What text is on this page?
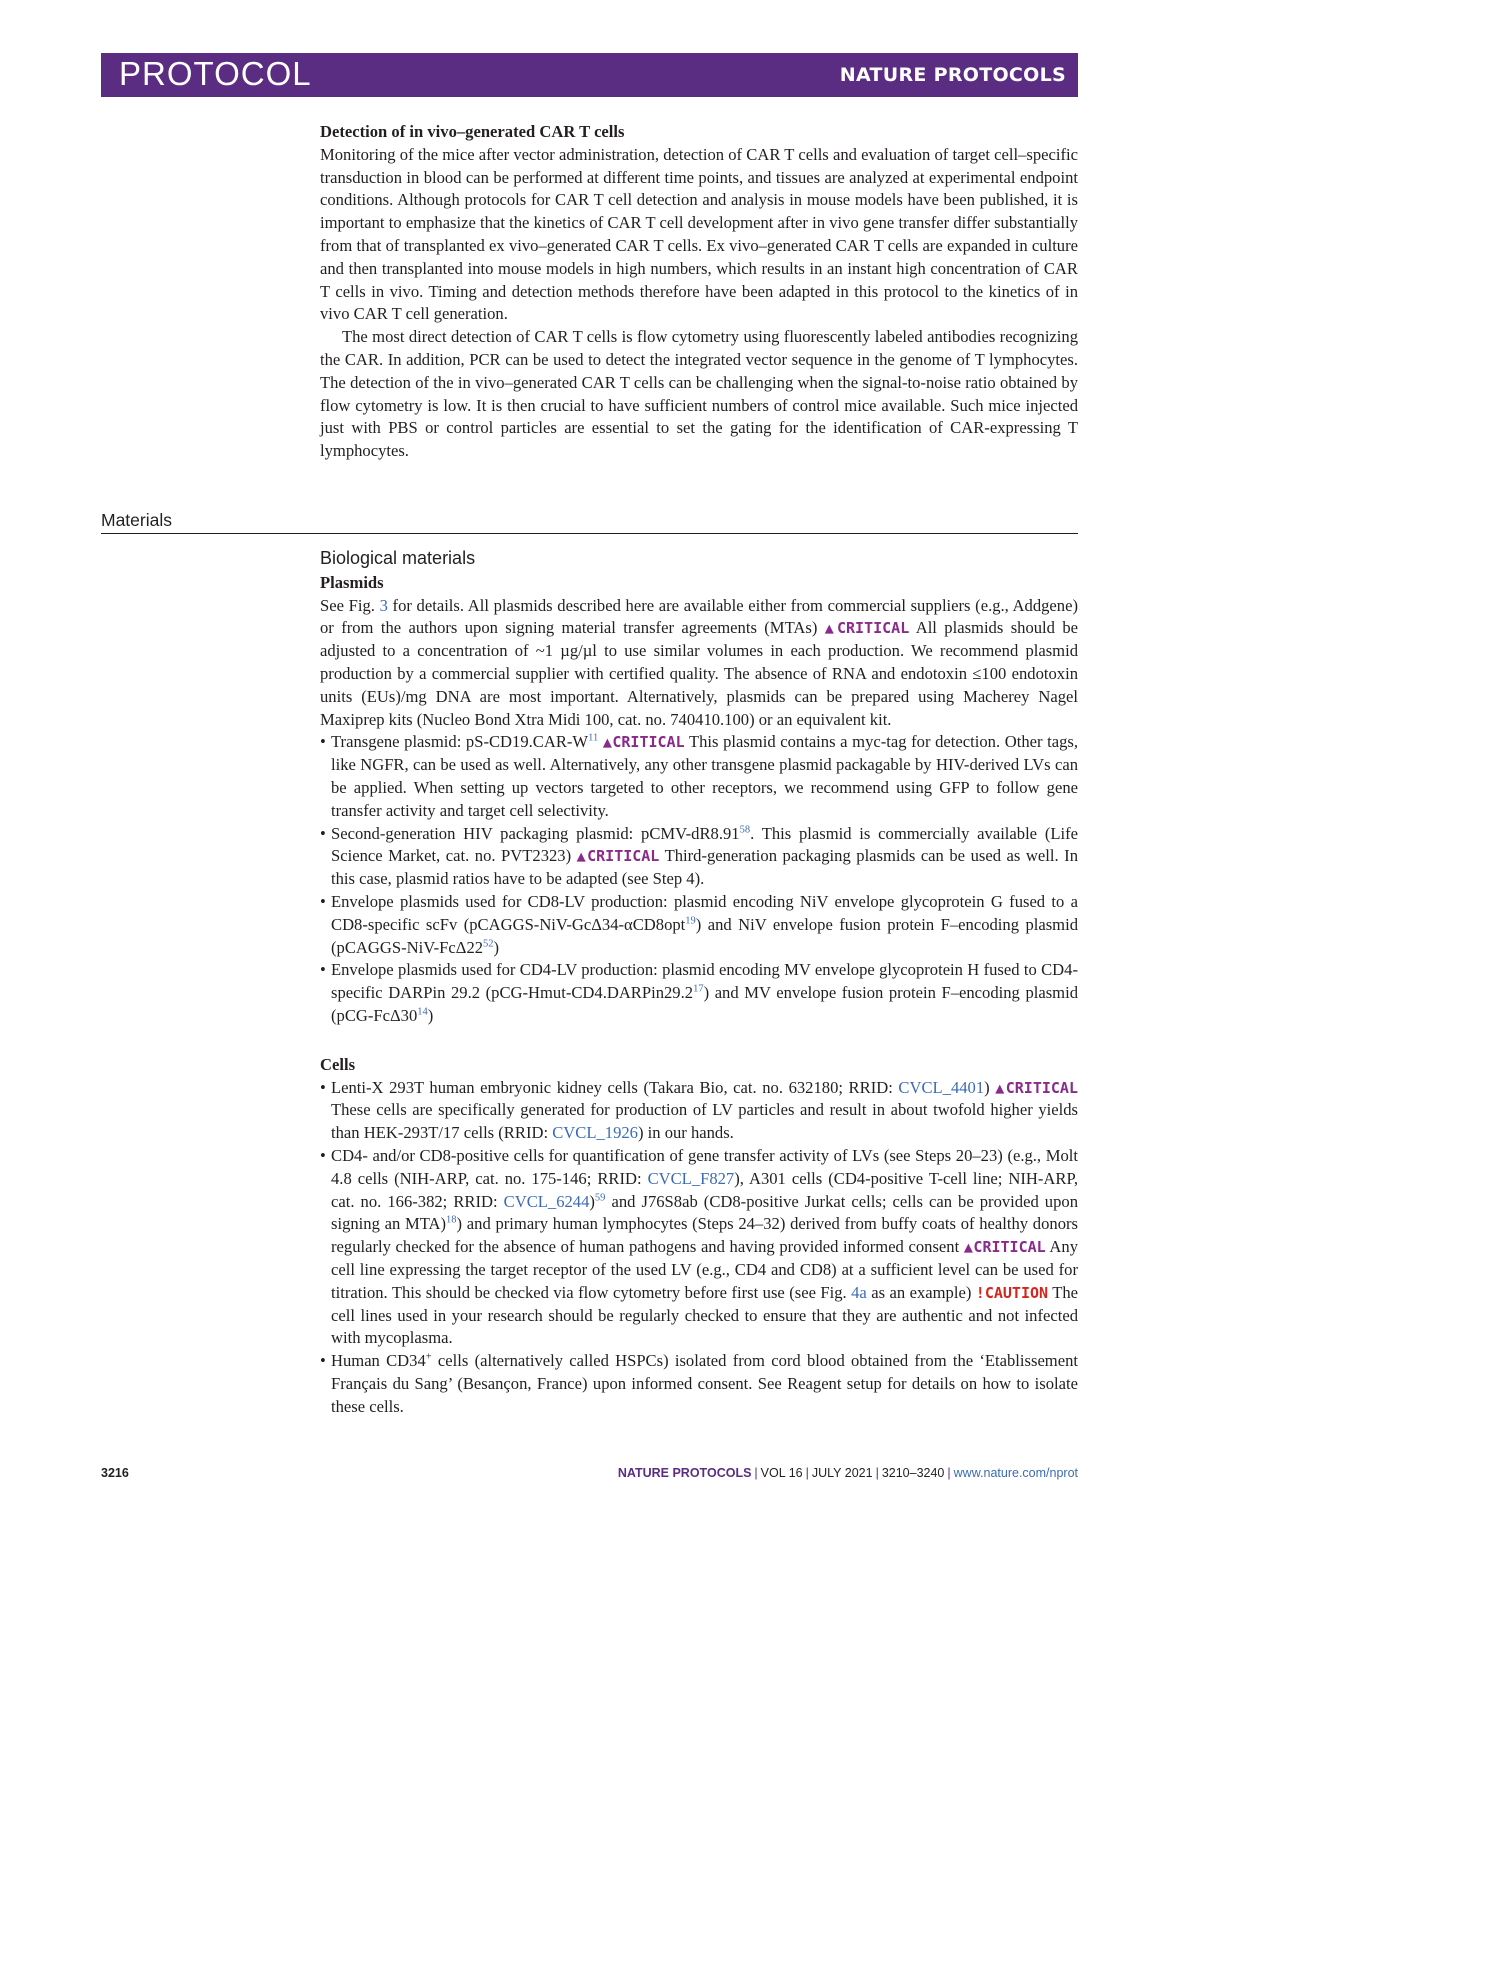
PROTOCOL	NATURE PROTOCOLS

Detection of in vivo–generated CAR T cells

Monitoring of the mice after vector administration, detection of CAR T cells and evaluation of target cell–specific transduction in blood can be performed at different time points, and tissues are analyzed at experimental endpoint conditions. Although protocols for CAR T cell detection and analysis in mouse models have been published, it is important to emphasize that the kinetics of CAR T cell development after in vivo gene transfer differ substantially from that of transplanted ex vivo–generated CAR T cells. Ex vivo–generated CAR T cells are expanded in culture and then transplanted into mouse models in high numbers, which results in an instant high concentration of CAR T cells in vivo. Timing and detection methods therefore have been adapted in this protocol to the kinetics of in vivo CAR T cell generation.

The most direct detection of CAR T cells is flow cytometry using fluorescently labeled antibodies recognizing the CAR. In addition, PCR can be used to detect the integrated vector sequence in the genome of T lymphocytes. The detection of the in vivo–generated CAR T cells can be challenging when the signal-to-noise ratio obtained by flow cytometry is low. It is then crucial to have sufficient numbers of control mice available. Such mice injected just with PBS or control particles are essential to set the gating for the identification of CAR-expressing T lymphocytes.

Materials

Biological materials

Plasmids

See Fig. 3 for details. All plasmids described here are available either from commercial suppliers (e.g., Addgene) or from the authors upon signing material transfer agreements (MTAs) ▲CRITICAL All plasmids should be adjusted to a concentration of ~1 µg/µl to use similar volumes in each production. We recommend plasmid production by a commercial supplier with certified quality. The absence of RNA and endotoxin ≤100 endotoxin units (EUs)/mg DNA are most important. Alternatively, plasmids can be prepared using Macherey Nagel Maxiprep kits (Nucleo Bond Xtra Midi 100, cat. no. 740410.100) or an equivalent kit.

• Transgene plasmid: $pS-CD19.CAR-W^{11}$ ▲CRITICAL This plasmid contains a myc-tag for detection. Other tags, like NGFR, can be used as well. Alternatively, any other transgene plasmid packagable by HIV-derived LVs can be applied. When setting up vectors targeted to other receptors, we recommend using GFP to follow gene transfer activity and target cell selectivity.
• Second-generation HIV packaging plasmid: pCMV-dR8.91$^{58}$. This plasmid is commercially available (Life Science Market, cat. no. PVT2323) ▲CRITICAL Third-generation packaging plasmids can be used as well. In this case, plasmid ratios have to be adapted (see Step 4).
• Envelope plasmids used for CD8-LV production: plasmid encoding NiV envelope glycoprotein G fused to a CD8-specific scFv (pCAGGS-NiV-GcΔ34-αCD8opt$^{19}$) and NiV envelope fusion protein F–encoding plasmid $(pCAGGS-NiV-Fc\Delta 22^{52})$
• Envelope plasmids used for CD4-LV production: plasmid encoding MV envelope glycoprotein H fused to CD4-specific DARPin 29.2 (pCG-Hmut-CD4.DARPin29.2$^{17}$) and MV envelope fusion protein F–encoding plasmid $(pCG-Fc\Delta 30^{14})$

Cells

• Lenti-X 293T human embryonic kidney cells (Takara Bio, cat. no. 632180; RRID: CVCL_4401) ▲CRITICAL These cells are specifically generated for production of LV particles and result in about twofold higher yields than HEK-293T/17 cells (RRID: CVCL_1926) in our hands.
• CD4- and/or CD8-positive cells for quantification of gene transfer activity of LVs (see Steps 20–23) (e.g., Molt 4.8 cells (NIH-ARP, cat. no. 175-146; RRID: CVCL_F827), A301 cells (CD4-positive T-cell line; NIH-ARP, cat. no. 166-382; RRID: CVCL_6244)$^{59}$ and J76S8ab (CD8-positive Jurkat cells; cells can be provided upon signing an MTA)$^{18}$) and primary human lymphocytes (Steps 24–32) derived from buffy coats of healthy donors regularly checked for the absence of human pathogens and having provided informed consent ▲CRITICAL Any cell line expressing the target receptor of the used LV (e.g., CD4 and CD8) at a sufficient level can be used for titration. This should be checked via flow cytometry before first use (see Fig. 4a as an example) !CAUTION The cell lines used in your research should be regularly checked to ensure that they are authentic and not infected with mycoplasma.
• Human CD34+ cells (alternatively called HSPCs) isolated from cord blood obtained from the ‘Etablissement Français du Sang’ (Besançon, France) upon informed consent. See Reagent setup for details on how to isolate these cells.
3216	NATURE PROTOCOLS | VOL 16 | JULY 2021 | 3210–3240 | www.nature.com/nprot
